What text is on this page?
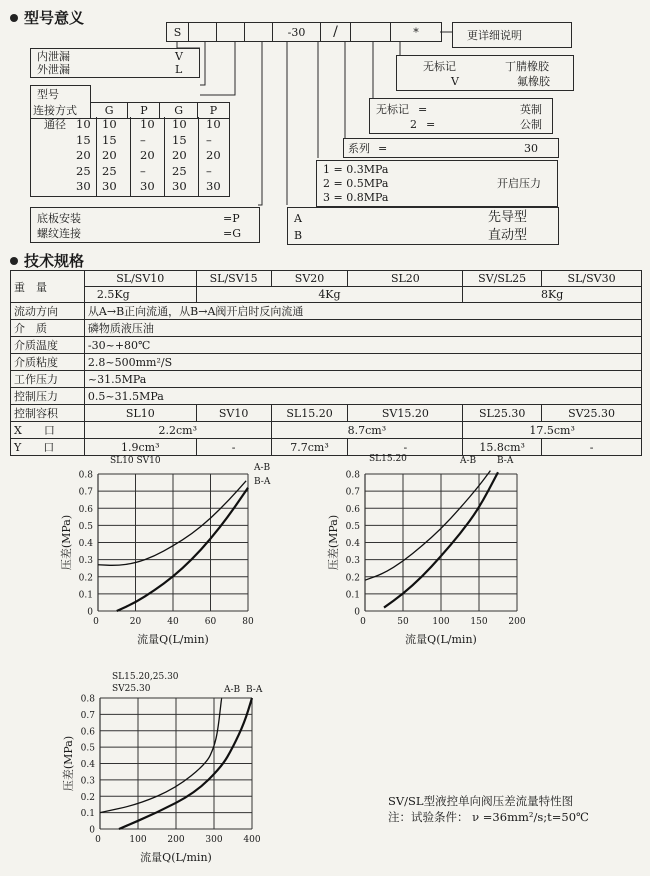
型号意义
S	-30	/	*	更详细说明
内泄漏	V
外泄漏	L	无标记	丁腈橡胶
V	氟橡胶
无标记 =	英制
2 =	公制
系列 =	30
1 = 0.3MPa
2 = 0.5MPa
3 = 0.8MPa
开启压力
型号				
连接方式	G	P	G	P
通径 10 10 10 10 10
15 15 – 15 –
20 20 20 20 20
25 25 – 25 –
30 30 30 30 30
底板安装	=P
螺纹连接	=G
A	先导型
B	直动型
技术规格
重　量	SL/SV10	SL/SV15	SV20	SL20	SV/SL25	SL/SV30
	2.5Kg	4Kg			8Kg	
流动方向	从A→B正向流通，从B→A阀开启时反向流通					
介　质	磷物质液压油					
介质温度	-30~+80℃					
介质粘度	2.8~500mm²/S					
工作压力	~31.5MPa					
控制压力	0.5~31.5MPa					
控制容积	SL10	SV10	SL15.20	SV15.20	SL25.30	SV25.30
X　　口	2.2cm³		8.7cm³		17.5cm³	
Y　　口	1.9cm³	-	7.7cm³	-	15.8cm³	-
0
0.1
0.2
0.3
0.4
0.5
0.6
0.7
0.8
0	20	40	60	80
流量Q(L/min)
压差(MPa)
A-B
B-A
SL10 SV10
0
0.1
0.2
0.3
0.4
0.5
0.6
0.7
0.8
0	50	100 150 200
流量Q(L/min)
压差(MPa)
A-B B-A
SL15.20
0
0.1
0.2
0.3
0.4
0.5
0.6
0.7
0.8
0	100 200 300 400
流量Q(L/min)
压差(MPa)
A-B B-A
SL15.20,25.30
SV25.30
SV/SL型液控单向阀压差流量特性图
注：试验条件： ν =36mm²/s;t=50℃
